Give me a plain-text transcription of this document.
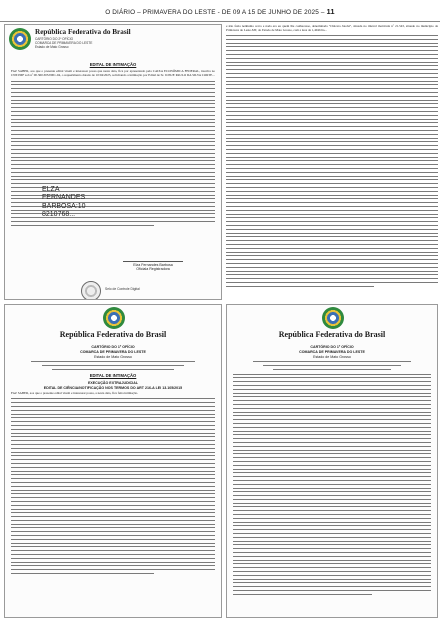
O DIÁRIO – PRIMAVERA DO LESTE - DE 09 A 15 DE JUNHO DE 2025 – 11
República Federativa do Brasil
CARTÓRIO DO 2º OFÍCIO
COMARCA DE PRIMAVERA DO LESTE
Estado de Mato Grosso
EDITAL DE INTIMAÇÃO
FAZ SABER, aos que o presente edital virem e interessar possa que nesta data, fica por apresentado pela CAIXA ECONÔMICA FEDERAL, inscrita no CNPJ/MF sob nº 00.360.305/0001-04, o requerimento datado de 10/04/2025, solicitando a intimação por Edital de Sr. JOSUE PAULO DA SILVA CORTE...
Elza Fernandes Barbosa
Oficiala Registradora
Selo de Controle Digital
ELZA
FERNANDES
BARBOSA:10
8210768...
e não fazia nenhuma cerca e nada era eu quem lhe conhecesse, denominada "Chácara Jatobá", situada no imóvel matrícula nº 21.543, situado no município de Primavera do Leste-MT, do Estado de Mato Grosso, com a área de 1,4046 ha...
República Federativa do Brasil
CARTÓRIO DO 1º OFÍCIO
COMARCA DE PRIMAVERA DO LESTE
Estado de Mato Grosso
EDITAL DE INTIMAÇÃO
EXECUÇÃO EXTRAJUDICIAL
EDITAL DE CIÊNCIA/NOTIFICAÇÃO NOS TERMOS DO ART 216-A LEI 13.105/2015
FAZ SABER, aos que o presente edital virem e interessar possa, a nesta data, fica feita intimação.
República Federativa do Brasil
CARTÓRIO DO 1º OFÍCIO
COMARCA DE PRIMAVERA DO LESTE
Estado de Mato Grosso
